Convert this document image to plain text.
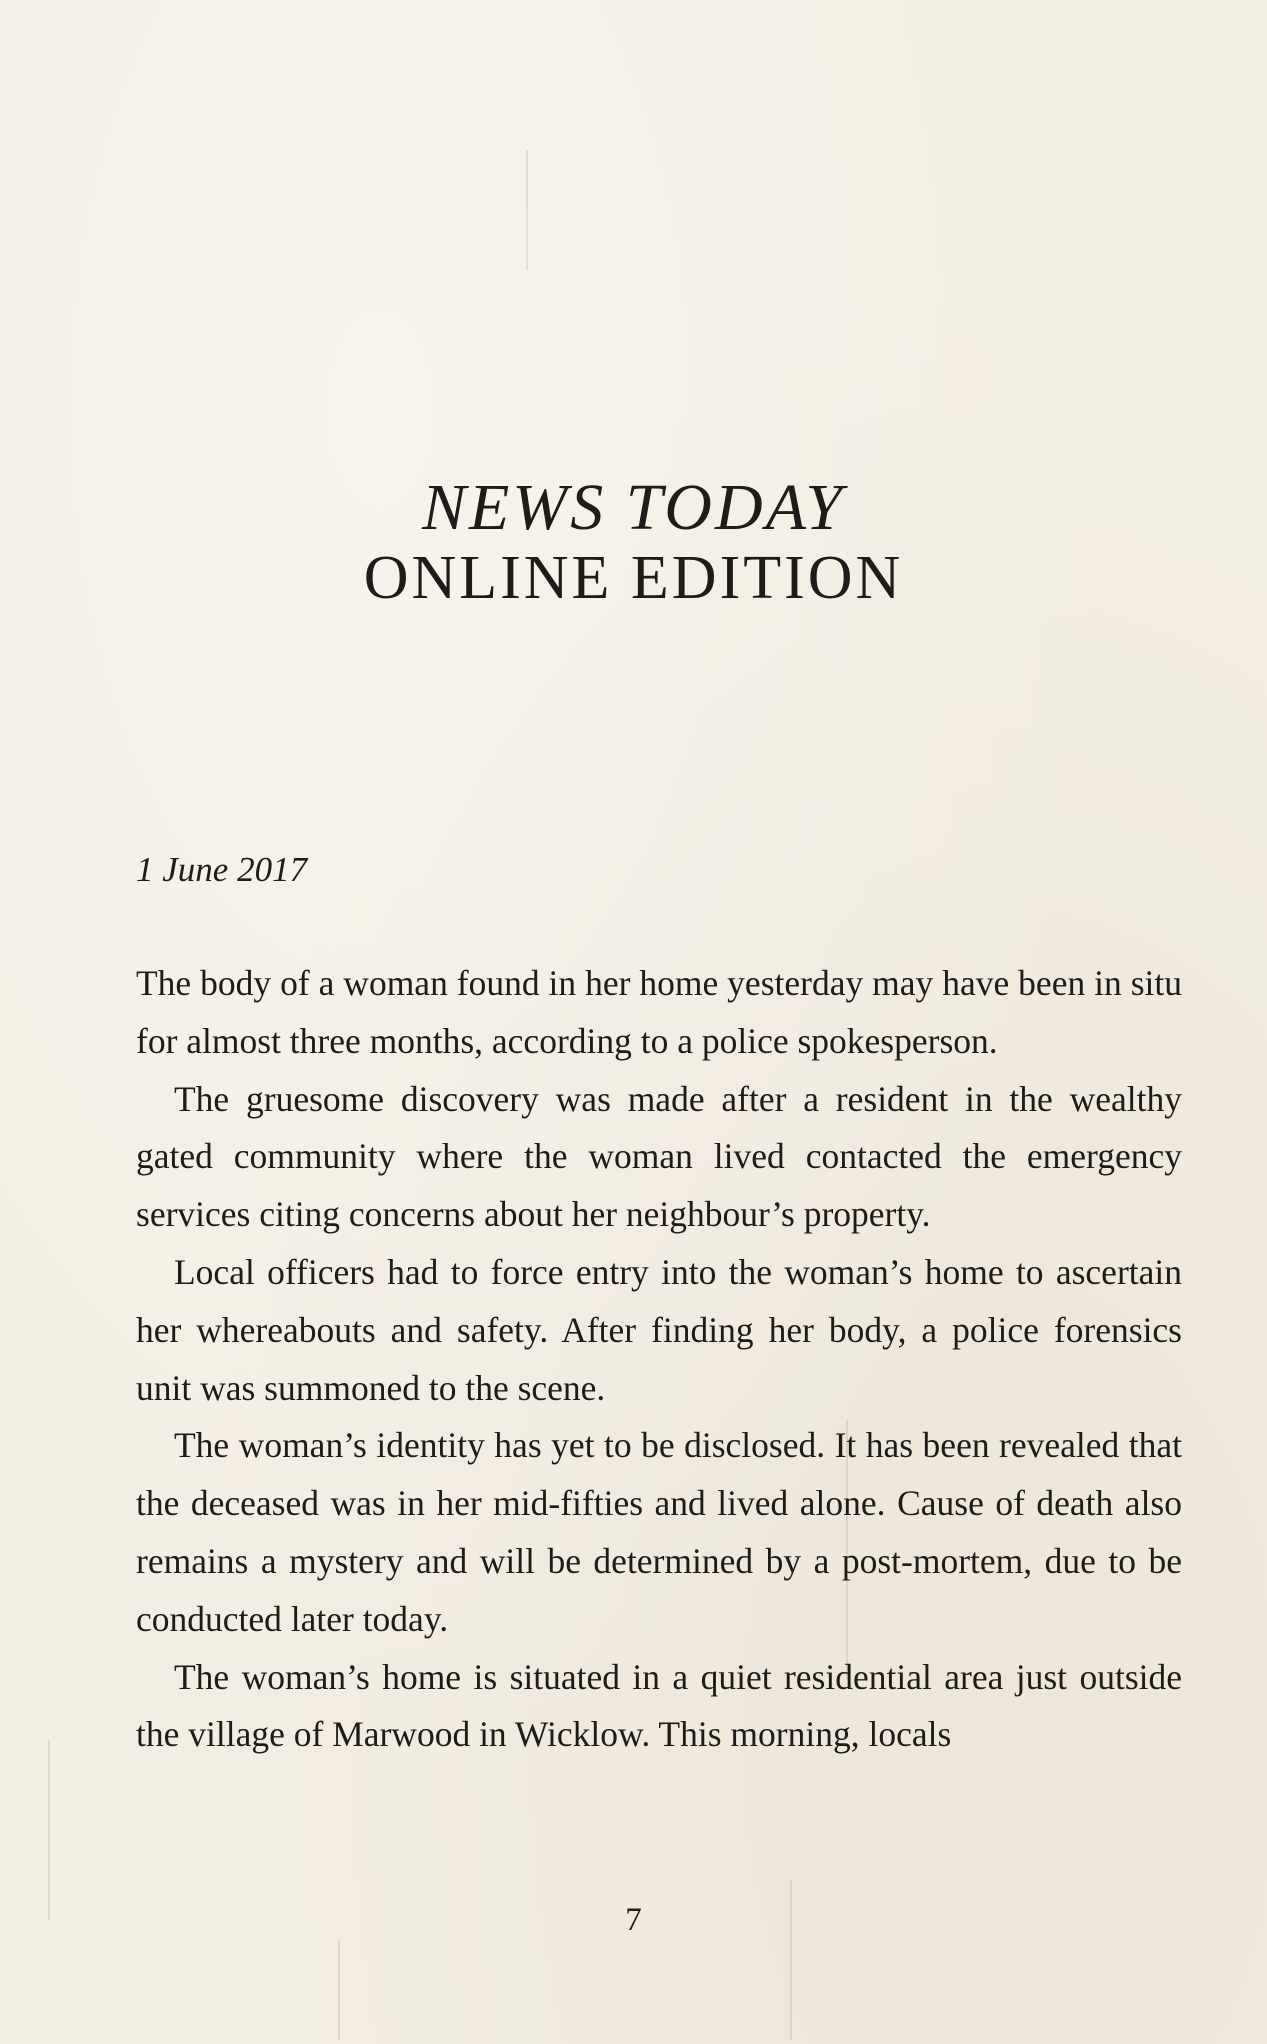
NEWS TODAY
ONLINE EDITION
1 June 2017

The body of a woman found in her home yesterday may have been in situ for almost three months, according to a police spokesperson.

The gruesome discovery was made after a resident in the wealthy gated community where the woman lived contacted the emergency services citing concerns about her neighbour’s property.

Local officers had to force entry into the woman’s home to ascertain her whereabouts and safety. After finding her body, a police forensics unit was summoned to the scene.

The woman’s identity has yet to be disclosed. It has been revealed that the deceased was in her mid-fifties and lived alone. Cause of death also remains a mystery and will be determined by a post-mortem, due to be conducted later today.

The woman’s home is situated in a quiet residential area just outside the village of Marwood in Wicklow. This morning, locals

7
